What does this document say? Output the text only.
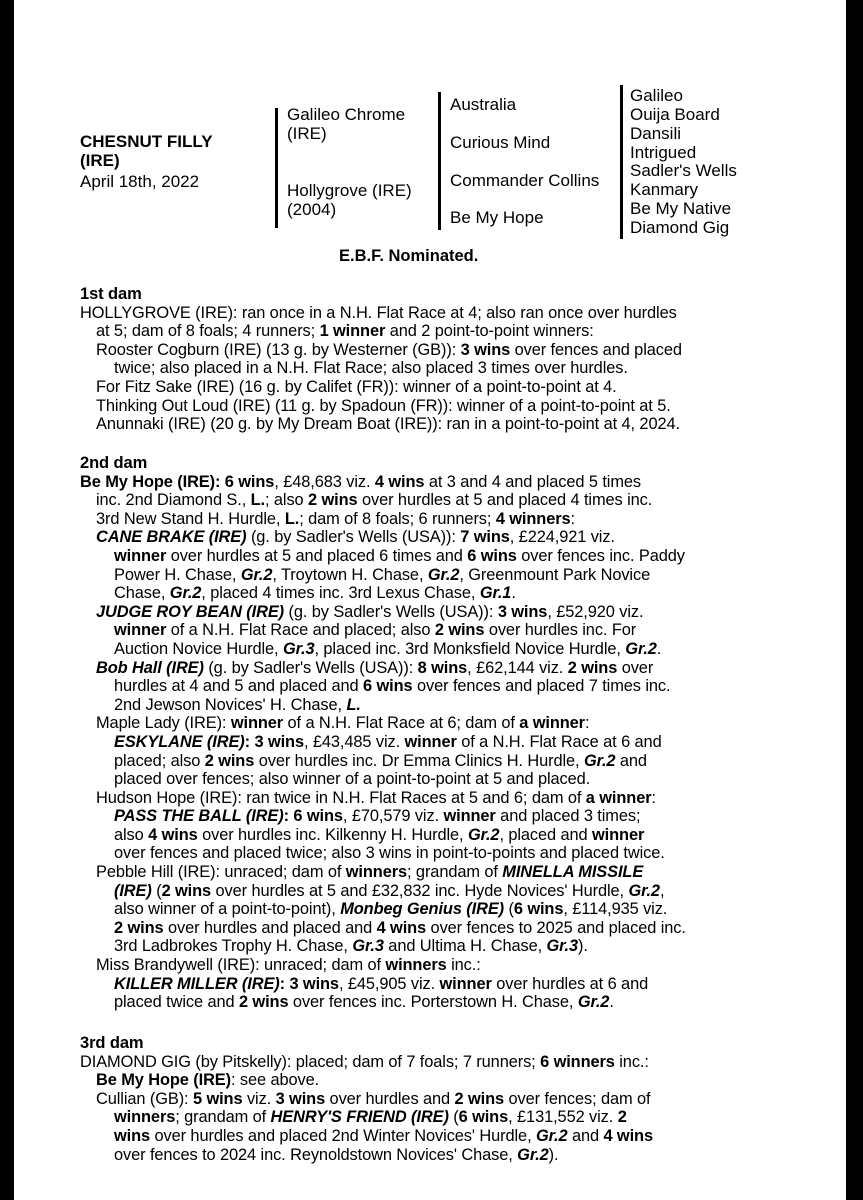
CHESNUT FILLY
(IRE)
April 18th, 2022
Galileo Chrome
(IRE)
Hollygrove (IRE)
(2004)
Australia
Curious Mind
Commander Collins
Be My Hope
Galileo
Ouija Board
Dansili
Intrigued
Sadler's Wells
Kanmary
Be My Native
Diamond Gig
E.B.F. Nominated.
1st dam
HOLLYGROVE (IRE): ran once in a N.H. Flat Race at 4; also ran once over hurdles
at 5; dam of 8 foals; 4 runners; 1 winner and 2 point-to-point winners:
Rooster Cogburn (IRE) (13 g. by Westerner (GB)): 3 wins over fences and placed
twice; also placed in a N.H. Flat Race; also placed 3 times over hurdles.
For Fitz Sake (IRE) (16 g. by Califet (FR)): winner of a point-to-point at 4.
Thinking Out Loud (IRE) (11 g. by Spadoun (FR)): winner of a point-to-point at 5.
Anunnaki (IRE) (20 g. by My Dream Boat (IRE)): ran in a point-to-point at 4, 2024.
2nd dam
Be My Hope (IRE): 6 wins, £48,683 viz. 4 wins at 3 and 4 and placed 5 times
inc. 2nd Diamond S., L.; also 2 wins over hurdles at 5 and placed 4 times inc.
3rd New Stand H. Hurdle, L.; dam of 8 foals; 6 runners; 4 winners:
CANE BRAKE (IRE) (g. by Sadler's Wells (USA)): 7 wins, £224,921 viz.
winner over hurdles at 5 and placed 6 times and 6 wins over fences inc. Paddy
Power H. Chase, Gr.2, Troytown H. Chase, Gr.2, Greenmount Park Novice
Chase, Gr.2, placed 4 times inc. 3rd Lexus Chase, Gr.1.
JUDGE ROY BEAN (IRE) (g. by Sadler's Wells (USA)): 3 wins, £52,920 viz.
winner of a N.H. Flat Race and placed; also 2 wins over hurdles inc. For
Auction Novice Hurdle, Gr.3, placed inc. 3rd Monksfield Novice Hurdle, Gr.2.
Bob Hall (IRE) (g. by Sadler's Wells (USA)): 8 wins, £62,144 viz. 2 wins over
hurdles at 4 and 5 and placed and 6 wins over fences and placed 7 times inc.
2nd Jewson Novices' H. Chase, L.
Maple Lady (IRE): winner of a N.H. Flat Race at 6; dam of a winner:
ESKYLANE (IRE): 3 wins, £43,485 viz. winner of a N.H. Flat Race at 6 and
placed; also 2 wins over hurdles inc. Dr Emma Clinics H. Hurdle, Gr.2 and
placed over fences; also winner of a point-to-point at 5 and placed.
Hudson Hope (IRE): ran twice in N.H. Flat Races at 5 and 6; dam of a winner:
PASS THE BALL (IRE): 6 wins, £70,579 viz. winner and placed 3 times;
also 4 wins over hurdles inc. Kilkenny H. Hurdle, Gr.2, placed and winner
over fences and placed twice; also 3 wins in point-to-points and placed twice.
Pebble Hill (IRE): unraced; dam of winners; grandam of MINELLA MISSILE
(IRE) (2 wins over hurdles at 5 and £32,832 inc. Hyde Novices' Hurdle, Gr.2,
also winner of a point-to-point), Monbeg Genius (IRE) (6 wins, £114,935 viz.
2 wins over hurdles and placed and 4 wins over fences to 2025 and placed inc.
3rd Ladbrokes Trophy H. Chase, Gr.3 and Ultima H. Chase, Gr.3).
Miss Brandywell (IRE): unraced; dam of winners inc.:
KILLER MILLER (IRE): 3 wins, £45,905 viz. winner over hurdles at 6 and
placed twice and 2 wins over fences inc. Porterstown H. Chase, Gr.2.
3rd dam
DIAMOND GIG (by Pitskelly): placed; dam of 7 foals; 7 runners; 6 winners inc.:
Be My Hope (IRE): see above.
Cullian (GB): 5 wins viz. 3 wins over hurdles and 2 wins over fences; dam of
winners; grandam of HENRY'S FRIEND (IRE) (6 wins, £131,552 viz. 2
wins over hurdles and placed 2nd Winter Novices' Hurdle, Gr.2 and 4 wins
over fences to 2024 inc. Reynoldstown Novices' Chase, Gr.2).
